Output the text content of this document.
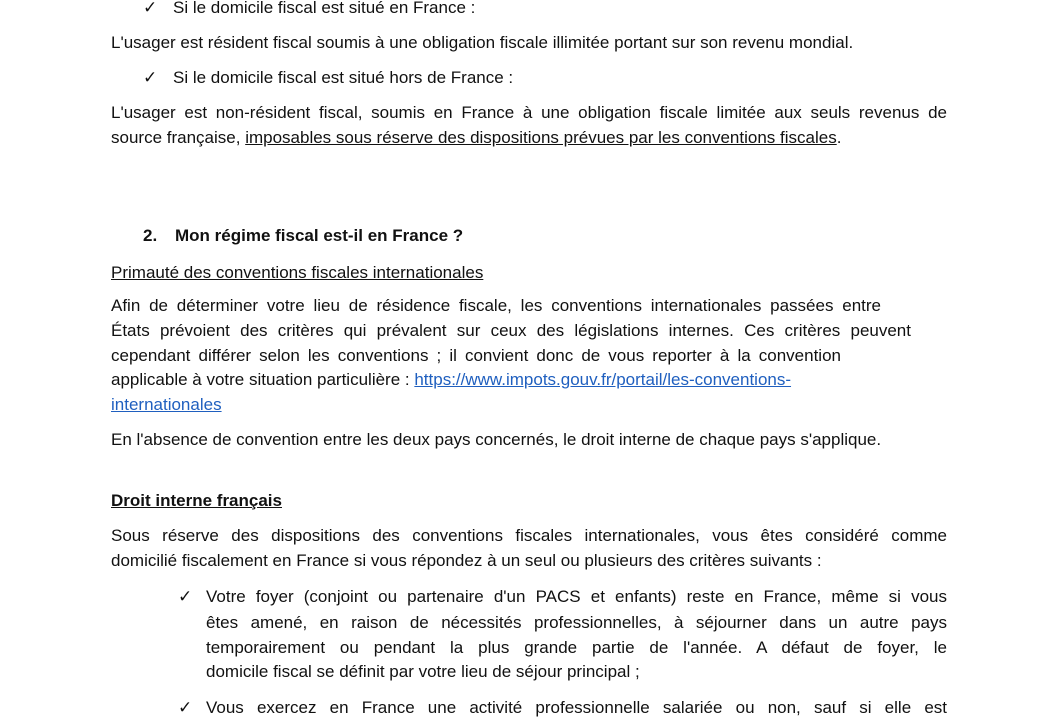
✓ Si le domicile fiscal est situé en France :
L'usager est résident fiscal soumis à une obligation fiscale illimitée portant sur son revenu mondial.
✓ Si le domicile fiscal est situé hors de France :
L'usager est non-résident fiscal, soumis en France à une obligation fiscale limitée aux seuls revenus de
source française, imposables sous réserve des dispositions prévues par les conventions fiscales.
2. Mon régime fiscal est-il en France ?
Primauté des conventions fiscales internationales
Afin de déterminer votre lieu de résidence fiscale, les conventions internationales passées entre
États prévoient des critères qui prévalent sur ceux des législations internes. Ces critères peuvent
cependant différer selon les conventions ; il convient donc de vous reporter à la convention
applicable à votre situation particulière : https://www.impots.gouv.fr/portail/les-conventions-
internationales
En l'absence de convention entre les deux pays concernés, le droit interne de chaque pays s'applique.
Droit interne français
Sous réserve des dispositions des conventions fiscales internationales, vous êtes considéré comme
domicilié fiscalement en France si vous répondez à un seul ou plusieurs des critères suivants :
✓ Votre foyer (conjoint ou partenaire d'un PACS et enfants) reste en France, même si vous
êtes amené, en raison de nécessités professionnelles, à séjourner dans un autre pays
temporairement ou pendant la plus grande partie de l'année. A défaut de foyer, le
domicile fiscal se définit par votre lieu de séjour principal ;
✓ Vous exercez en France une activité professionnelle salariée ou non, sauf si elle est
